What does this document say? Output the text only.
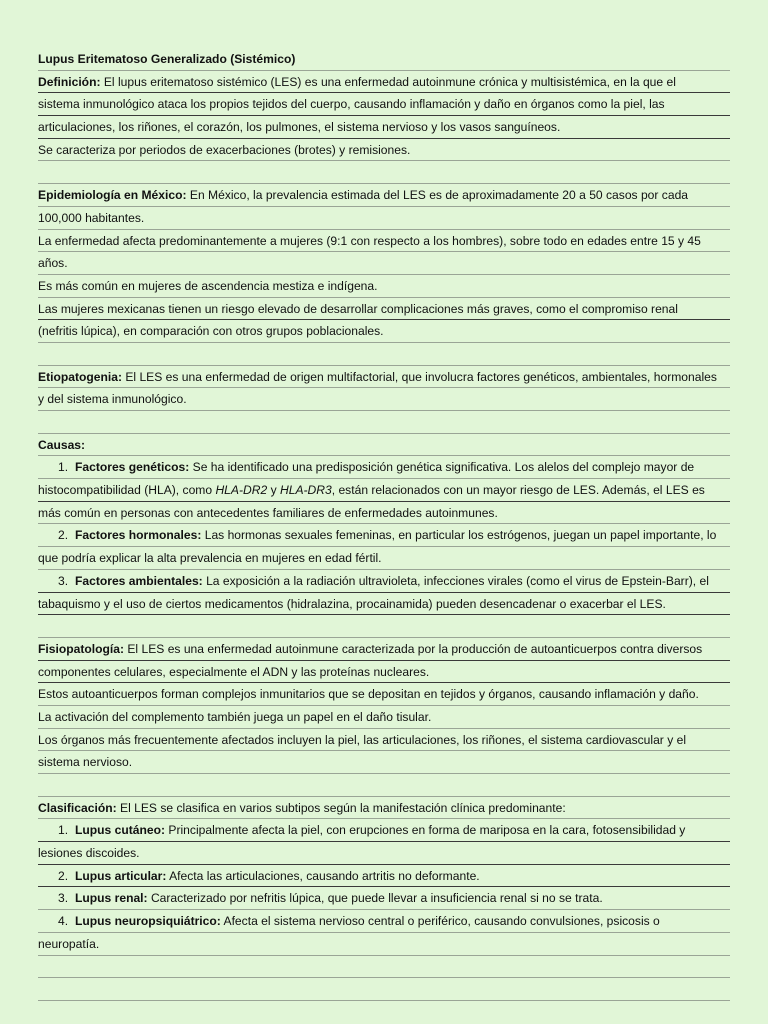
Lupus Eritematoso Generalizado (Sistémico)
Definición: El lupus eritematoso sistémico (LES) es una enfermedad autoinmune crónica y multisistémica, en la que el
sistema inmunológico ataca los propios tejidos del cuerpo, causando inflamación y daño en órganos como la piel, las
articulaciones, los riñones, el corazón, los pulmones, el sistema nervioso y los vasos sanguíneos.
Se caracteriza por periodos de exacerbaciones (brotes) y remisiones.
Epidemiología en México: En México, la prevalencia estimada del LES es de aproximadamente 20 a 50 casos por cada
100,000 habitantes.
La enfermedad afecta predominantemente a mujeres (9:1 con respecto a los hombres), sobre todo en edades entre 15 y 45
años.
Es más común en mujeres de ascendencia mestiza e indígena.
Las mujeres mexicanas tienen un riesgo elevado de desarrollar complicaciones más graves, como el compromiso renal
(nefritis lúpica), en comparación con otros grupos poblacionales.
Etiopatogenia: El LES es una enfermedad de origen multifactorial, que involucra factores genéticos, ambientales, hormonales
y del sistema inmunológico.
Causas:
1. Factores genéticos: Se ha identificado una predisposición genética significativa. Los alelos del complejo mayor de
histocompatibilidad (HLA), como HLA-DR2 y HLA-DR3, están relacionados con un mayor riesgo de LES. Además, el LES es
más común en personas con antecedentes familiares de enfermedades autoinmunes.
2. Factores hormonales: Las hormonas sexuales femeninas, en particular los estrógenos, juegan un papel importante, lo
que podría explicar la alta prevalencia en mujeres en edad fértil.
3. Factores ambientales: La exposición a la radiación ultravioleta, infecciones virales (como el virus de Epstein-Barr), el
tabaquismo y el uso de ciertos medicamentos (hidralazina, procainamida) pueden desencadenar o exacerbar el LES.
Fisiopatología: El LES es una enfermedad autoinmune caracterizada por la producción de autoanticuerpos contra diversos
componentes celulares, especialmente el ADN y las proteínas nucleares.
Estos autoanticuerpos forman complejos inmunitarios que se depositan en tejidos y órganos, causando inflamación y daño.
La activación del complemento también juega un papel en el daño tisular.
Los órganos más frecuentemente afectados incluyen la piel, las articulaciones, los riñones, el sistema cardiovascular y el
sistema nervioso.
Clasificación: El LES se clasifica en varios subtipos según la manifestación clínica predominante:
1. Lupus cutáneo: Principalmente afecta la piel, con erupciones en forma de mariposa en la cara, fotosensibilidad y
lesiones discoides.
2. Lupus articular: Afecta las articulaciones, causando artritis no deformante.
3. Lupus renal: Caracterizado por nefritis lúpica, que puede llevar a insuficiencia renal si no se trata.
4. Lupus neuropsiquiátrico: Afecta el sistema nervioso central o periférico, causando convulsiones, psicosis o
neuropatía.
